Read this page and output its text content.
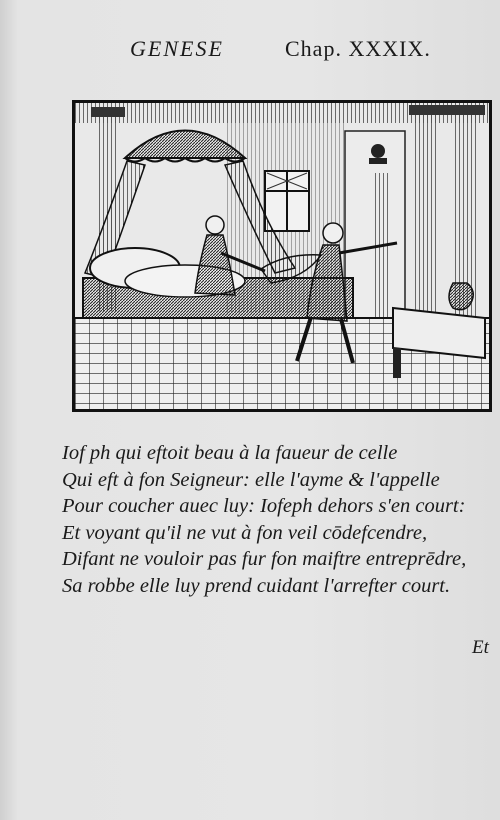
GENESE	Chap. XXXIX.
Iof ph qui eftoit beau à la faueur de celle
Qui eft à fon Seigneur: elle l'ayme & l'appelle
Pour coucher auec luy: Iofeph dehors s'en court:
Et voyant qu'il ne vut à fon veil cōdefcendre,
Difant ne vouloir pas fur fon maiftre entreprēdre,
Sa robbe elle luy prend cuidant l'arrefter court.
Et
